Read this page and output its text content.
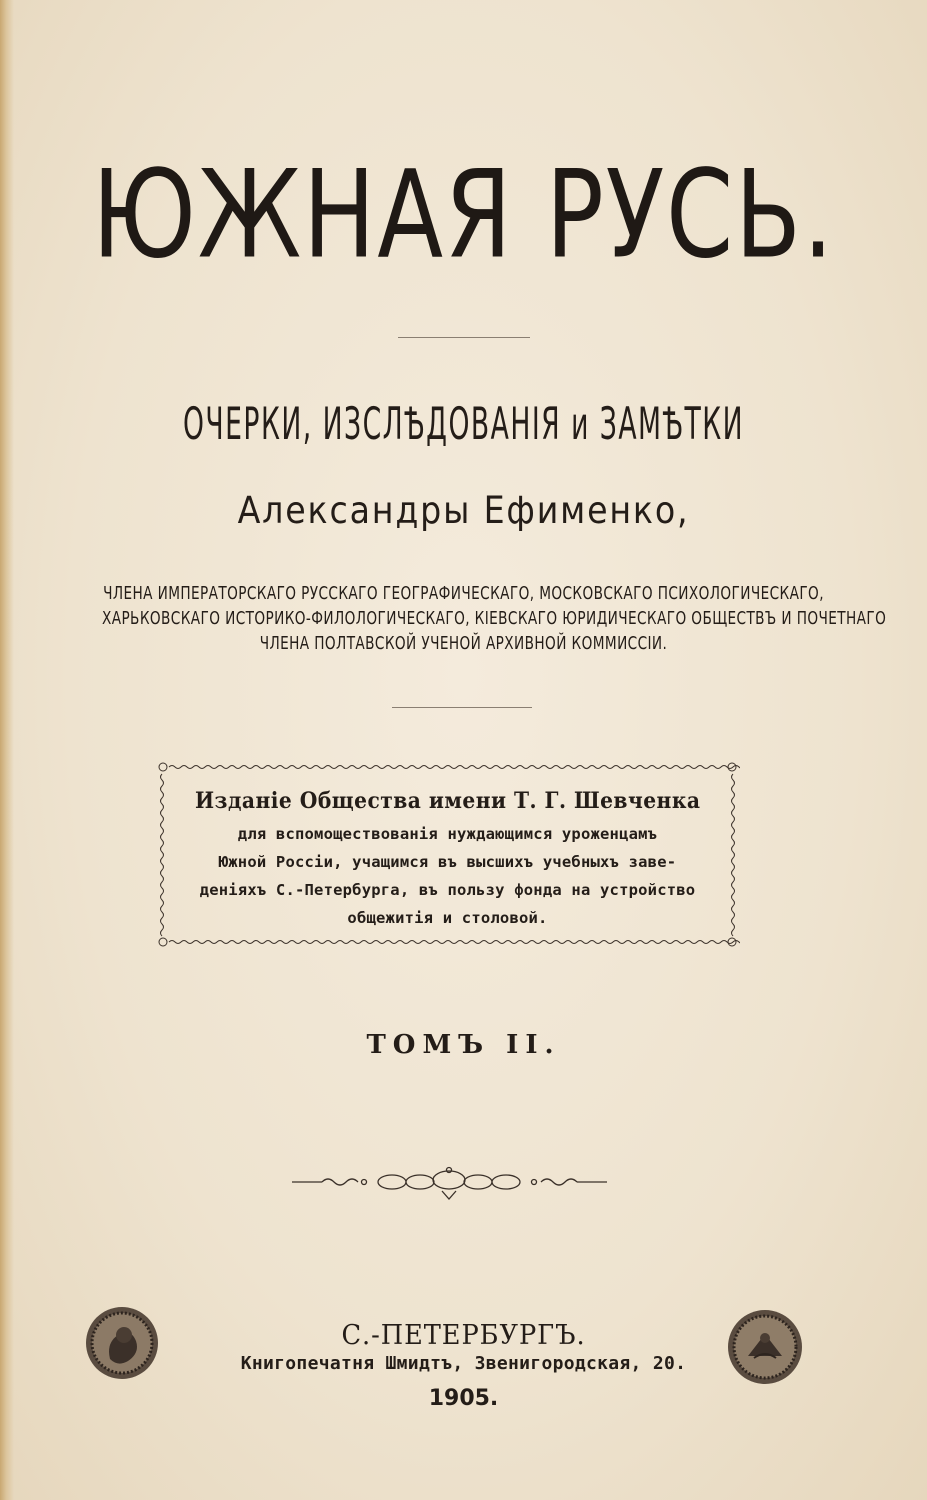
ЮЖНАЯ РУСЬ.
ОЧЕРКИ, ИЗСЛѢДОВАНІЯ и ЗАМѢТКИ
Александры Ефименко,
ЧЛЕНА ИМПЕРАТОРСКАГО РУССКАГО ГЕОГРАФИЧЕСКАГО, МОСКОВСКАГО ПСИХОЛОГИЧЕСКАГО,
ХАРЬКОВСКАГО ИСТОРИКО-ФИЛОЛОГИЧЕСКАГО, КІЕВСКАГО ЮРИДИЧЕСКАГО ОБЩЕСТВЪ И ПОЧЕТНАГО
ЧЛЕНА ПОЛТАВСКОЙ УЧЕНОЙ АРХИВНОЙ КОММИССІИ.
Изданіе Общества имени Т. Г. Шевченка
для вспомоществованія нуждающимся уроженцамъ
Южной Россіи, учащимся въ высшихъ учебныхъ заве-
деніяхъ С.-Петербурга, въ пользу фонда на устройство
общежитія и столовой.
ТОМЪ II.
С.-ПЕТЕРБУРГЪ.
Книгопечатня Шмидтъ, Звенигородская, 20.
1905.
